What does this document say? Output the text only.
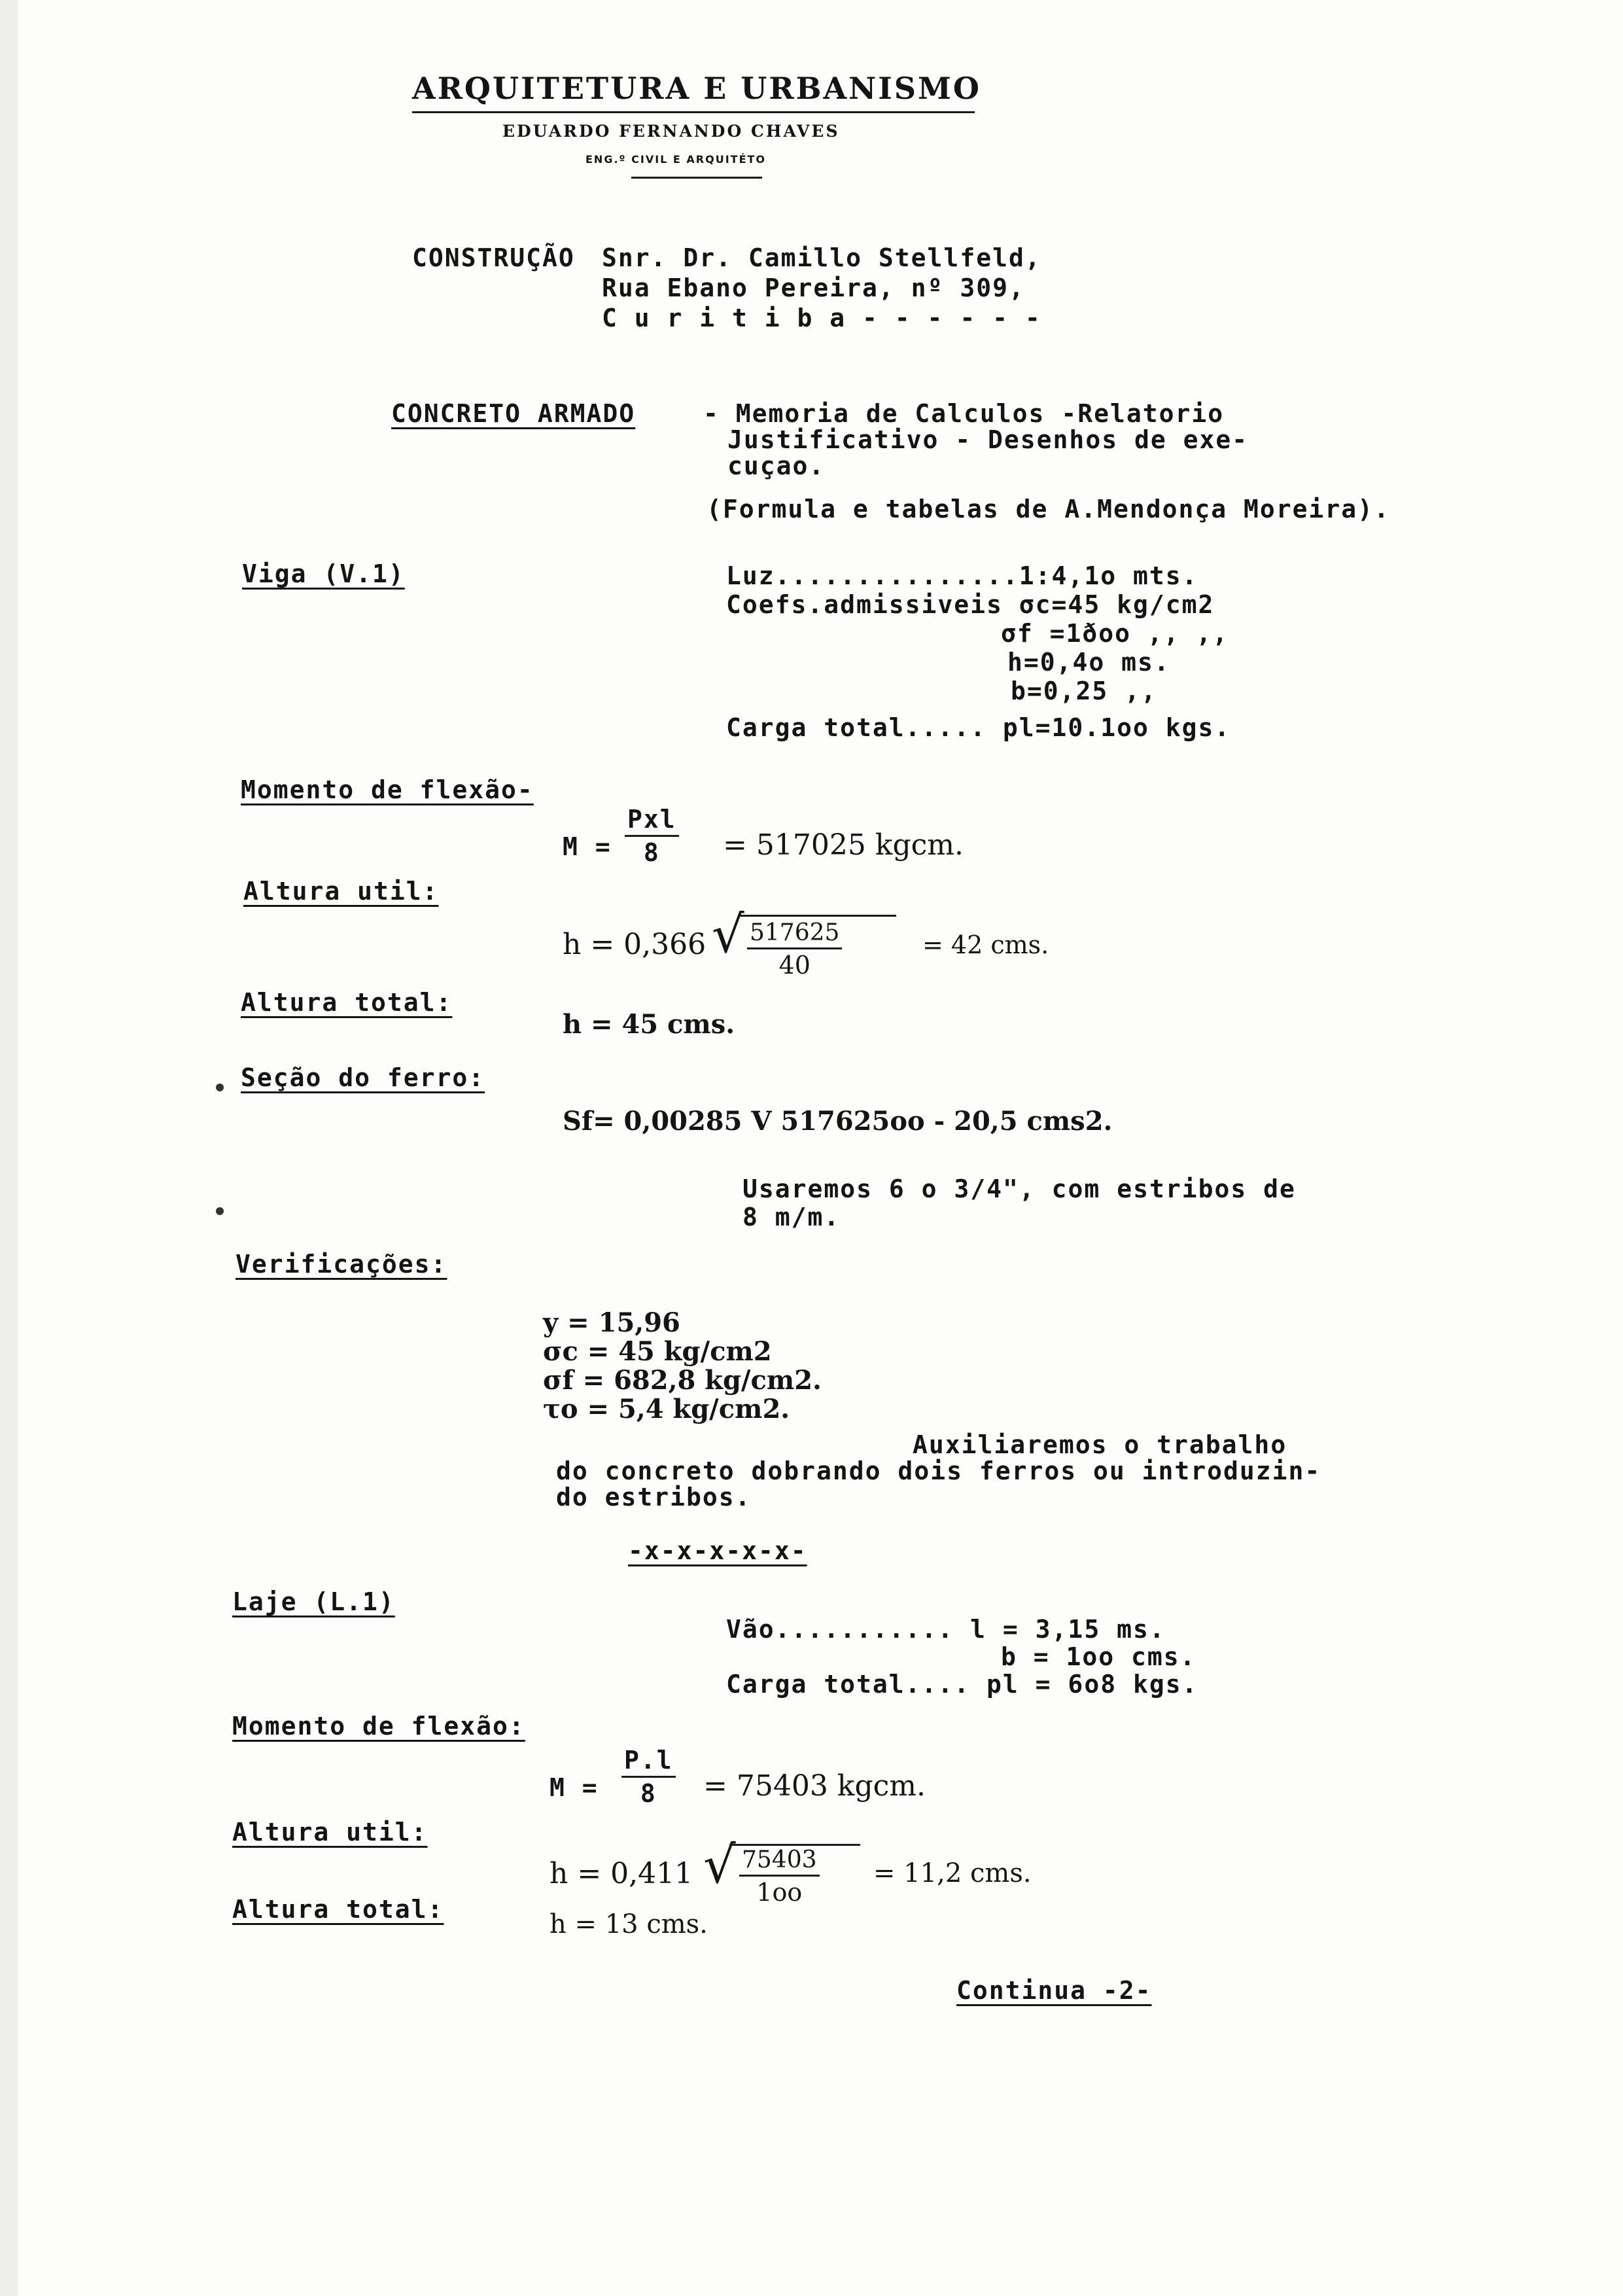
ARQUITETURA E URBANISMO
EDUARDO FERNANDO CHAVES
ENG.º CIVIL E ARQUITÉTO
CONSTRUÇÃO Snr. Dr. Camillo Stellfeld,
Rua Ebano Pereira, nº 309,
C u r i t i b a - - - - - -
CONCRETO ARMADO	- Memoria de Calculos -Relatorio
Justificativo - Desenhos de exe-
cuçao.
(Formula e tabelas de A.Mendonça Moreira).
Viga (V.1)	Luz...............1:4,1o mts.
Coefs.admissiveis σc=45 kg/cm2
σf =1ðoo ,, ,,
h=0,4o ms.
b=0,25 ,,
Carga total..... pl=10.1oo kgs.
Momento de flexão-
M =
Pxl
8 = 517025 kgcm.
Altura util:
h = 0,366 √ $\frac{517625}{40}$	= 42 cms.
Altura total:
h = 45 cms.
Seção do ferro:
Sf= 0,00285 V 517625oo - 20,5 cms2.
Usaremos 6 o 3/4", com estribos de
8 m/m.
Verificações:
y = 15,96
σc = 45 kg/cm2
σf = 682,8 kg/cm2.
τo = 5,4 kg/cm2.
Auxiliaremos o trabalho
do concreto dobrando dois ferros ou introduzin-
do estribos.
-x-x-x-x-x-
Laje (L.1)
Vão........... l = 3,15 ms.
b = 1oo cms.
Carga total.... pl = 6o8 kgs.
Momento de flexão:
$M = \frac{P.l}{8} = 75403$ kgcm.
Altura util:
h = 0,411 √ $\frac{75403}{1oo} = 11,2$ cms.
Altura total:	h = 13 cms.
Continua -2-
